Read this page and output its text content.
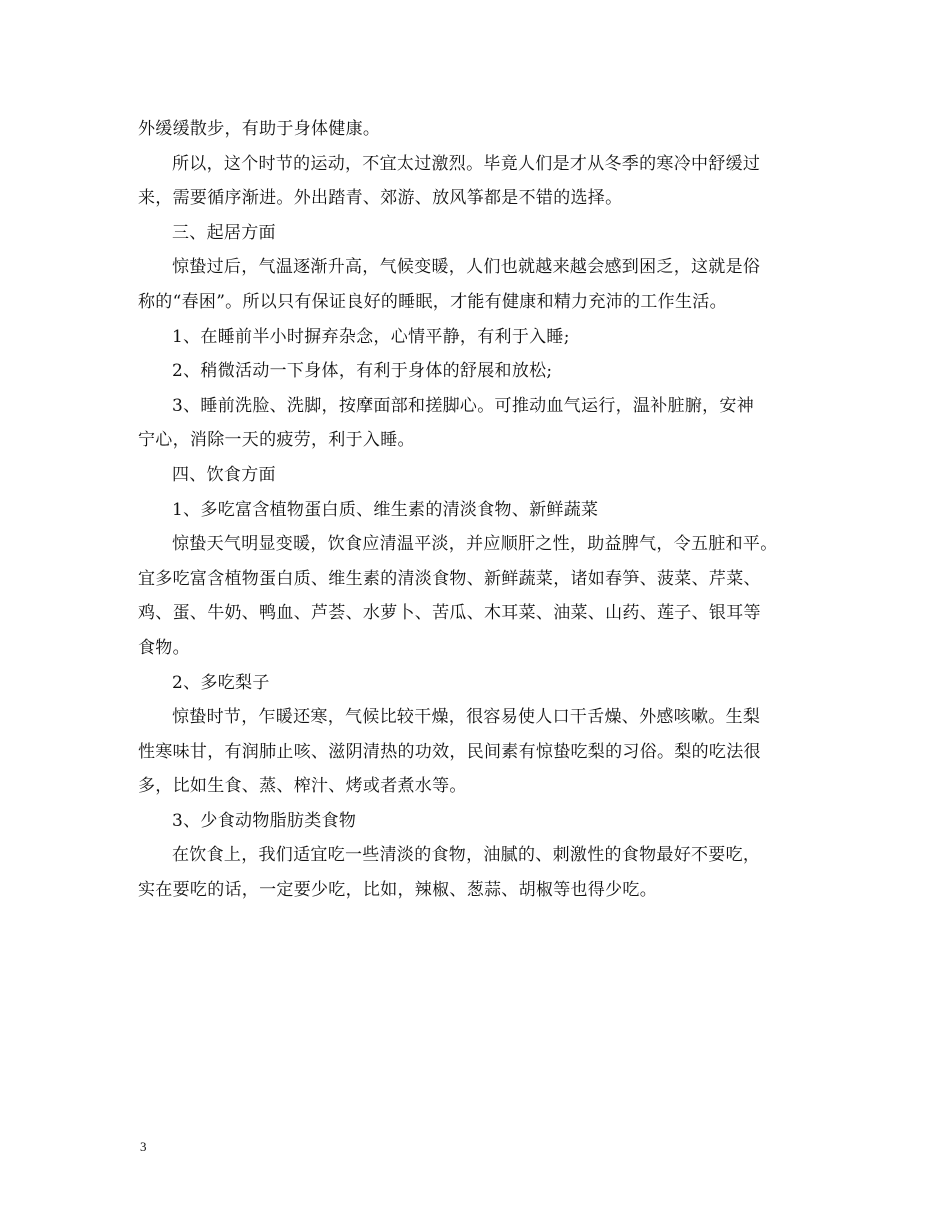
外缓缓散步，有助于身体健康。
所以，这个时节的运动，不宜太过激烈。毕竟人们是才从冬季的寒冷中舒缓过
来，需要循序渐进。外出踏青、郊游、放风筝都是不错的选择。
三、起居方面
惊蛰过后，气温逐渐升高，气候变暖，人们也就越来越会感到困乏，这就是俗
称的“春困”。所以只有保证良好的睡眠，才能有健康和精力充沛的工作生活。
1、在睡前半小时摒弃杂念，心情平静，有利于入睡;
2、稍微活动一下身体，有利于身体的舒展和放松;
3、睡前洗脸、洗脚，按摩面部和搓脚心。可推动血气运行，温补脏腑，安神
宁心，消除一天的疲劳，利于入睡。
四、饮食方面
1、多吃富含植物蛋白质、维生素的清淡食物、新鲜蔬菜
惊蛰天气明显变暖，饮食应清温平淡，并应顺肝之性，助益脾气，令五脏和平。
宜多吃富含植物蛋白质、维生素的清淡食物、新鲜蔬菜，诸如春笋、菠菜、芹菜、
鸡、蛋、牛奶、鸭血、芦荟、水萝卜、苦瓜、木耳菜、油菜、山药、莲子、银耳等
食物。
2、多吃梨子
惊蛰时节，乍暖还寒，气候比较干燥，很容易使人口干舌燥、外感咳嗽。生梨
性寒味甘，有润肺止咳、滋阴清热的功效，民间素有惊蛰吃梨的习俗。梨的吃法很
多，比如生食、蒸、榨汁、烤或者煮水等。
3、少食动物脂肪类食物
在饮食上，我们适宜吃一些清淡的食物，油腻的、刺激性的食物最好不要吃，
实在要吃的话，一定要少吃，比如，辣椒、葱蒜、胡椒等也得少吃。
3
